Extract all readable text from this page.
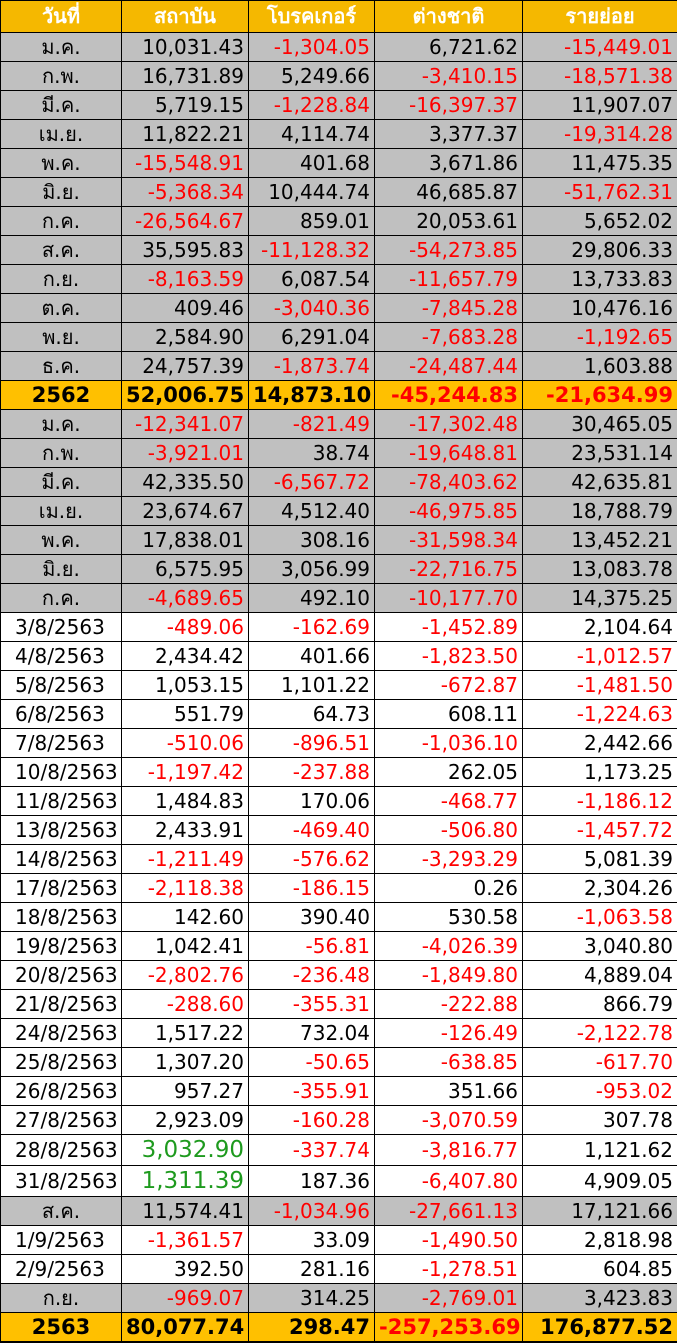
วันที่	สถาบัน	โบรคเกอร์	ต่างชาติ	รายย่อย
ม.ค.	10,031.43	-1,304.05	6,721.62	-15,449.01
ก.พ.	16,731.89	5,249.66	-3,410.15	-18,571.38
มี.ค.	5,719.15	-1,228.84	-16,397.37	11,907.07
เม.ย.	11,822.21	4,114.74	3,377.37	-19,314.28
พ.ค.	-15,548.91	401.68	3,671.86	11,475.35
มิ.ย.	-5,368.34	10,444.74	46,685.87	-51,762.31
ก.ค.	-26,564.67	859.01	20,053.61	5,652.02
ส.ค.	35,595.83	-11,128.32	-54,273.85	29,806.33
ก.ย.	-8,163.59	6,087.54	-11,657.79	13,733.83
ต.ค.	409.46	-3,040.36	-7,845.28	10,476.16
พ.ย.	2,584.90	6,291.04	-7,683.28	-1,192.65
ธ.ค.	24,757.39	-1,873.74	-24,487.44	1,603.88
2562	52,006.75	14,873.10	-45,244.83	-21,634.99
ม.ค.	-12,341.07	-821.49	-17,302.48	30,465.05
ก.พ.	-3,921.01	38.74	-19,648.81	23,531.14
มี.ค.	42,335.50	-6,567.72	-78,403.62	42,635.81
เม.ย.	23,674.67	4,512.40	-46,975.85	18,788.79
พ.ค.	17,838.01	308.16	-31,598.34	13,452.21
มิ.ย.	6,575.95	3,056.99	-22,716.75	13,083.78
ก.ค.	-4,689.65	492.10	-10,177.70	14,375.25
3/8/2563	-489.06	-162.69	-1,452.89	2,104.64
4/8/2563	2,434.42	401.66	-1,823.50	-1,012.57
5/8/2563	1,053.15	1,101.22	-672.87	-1,481.50
6/8/2563	551.79	64.73	608.11	-1,224.63
7/8/2563	-510.06	-896.51	-1,036.10	2,442.66
10/8/2563	-1,197.42	-237.88	262.05	1,173.25
11/8/2563	1,484.83	170.06	-468.77	-1,186.12
13/8/2563	2,433.91	-469.40	-506.80	-1,457.72
14/8/2563	-1,211.49	-576.62	-3,293.29	5,081.39
17/8/2563	-2,118.38	-186.15	0.26	2,304.26
18/8/2563	142.60	390.40	530.58	-1,063.58
19/8/2563	1,042.41	-56.81	-4,026.39	3,040.80
20/8/2563	-2,802.76	-236.48	-1,849.80	4,889.04
21/8/2563	-288.60	-355.31	-222.88	866.79
24/8/2563	1,517.22	732.04	-126.49	-2,122.78
25/8/2563	1,307.20	-50.65	-638.85	-617.70
26/8/2563	957.27	-355.91	351.66	-953.02
27/8/2563	2,923.09	-160.28	-3,070.59	307.78
28/8/2563	3,032.90	-337.74	-3,816.77	1,121.62
31/8/2563	1,311.39	187.36	-6,407.80	4,909.05
ส.ค.	11,574.41	-1,034.96	-27,661.13	17,121.66
1/9/2563	-1,361.57	33.09	-1,490.50	2,818.98
2/9/2563	392.50	281.16	-1,278.51	604.85
ก.ย.	-969.07	314.25	-2,769.01	3,423.83
2563	80,077.74	298.47	-257,253.69	176,877.52
